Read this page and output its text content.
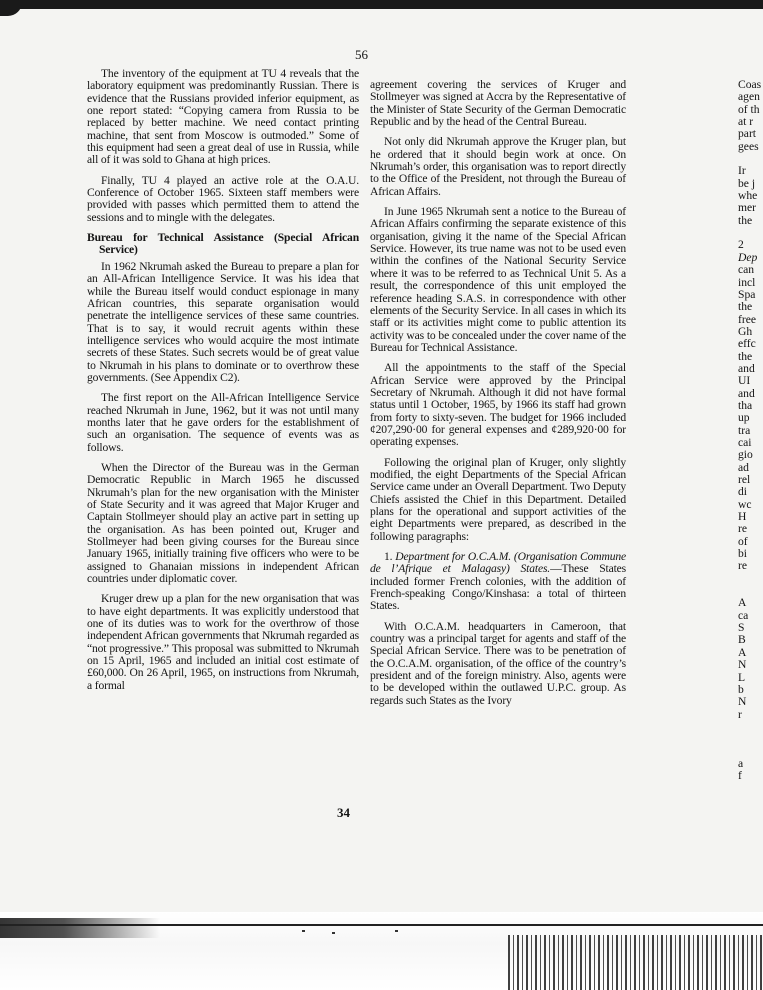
56

The inventory of the equipment at TU 4 reveals that the laboratory equipment was predominantly Russian. There is evidence that the Russians provided inferior equipment, as one report stated: “Copying camera from Russia to be replaced by better machine. We need contact printing machine, that sent from Moscow is outmoded.” Some of this equipment had seen a great deal of use in Russia, while all of it was sold to Ghana at high prices.

Finally, TU 4 played an active role at the O.A.U. Conference of October 1965. Sixteen staff members were provided with passes which permitted them to attend the sessions and to mingle with the delegates.

Bureau for Technical Assistance (Special African Service)

In 1962 Nkrumah asked the Bureau to prepare a plan for an All-African Intelligence Service. It was his idea that while the Bureau itself would conduct espionage in many African countries, this separate organisation would penetrate the intelligence services of these same countries. That is to say, it would recruit agents within these intelligence services who would acquire the most intimate secrets of these States. Such secrets would be of great value to Nkrumah in his plans to dominate or to overthrow these governments. (See Appendix C2).

The first report on the All-African Intelligence Service reached Nkrumah in June, 1962, but it was not until many months later that he gave orders for the establishment of such an organisation. The sequence of events was as follows.

When the Director of the Bureau was in the German Democratic Republic in March 1965 he discussed Nkrumah’s plan for the new organisation with the Minister of State Security and it was agreed that Major Kruger and Captain Stollmeyer should play an active part in setting up the organisation. As has been pointed out, Kruger and Stollmeyer had been giving courses for the Bureau since January 1965, initially training five officers who were to be assigned to Ghanaian missions in independent African countries under diplomatic cover.

Kruger drew up a plan for the new organisation that was to have eight departments. It was explicitly understood that one of its duties was to work for the overthrow of those independent African governments that Nkrumah regarded as “not progressive.” This proposal was submitted to Nkrumah on 15 April, 1965 and included an initial cost estimate of £60,000. On 26 April, 1965, on instructions from Nkrumah, a formal

agreement covering the services of Kruger and Stollmeyer was signed at Accra by the Representative of the Minister of State Security of the German Democratic Republic and by the head of the Central Bureau.

Not only did Nkrumah approve the Kruger plan, but he ordered that it should begin work at once. On Nkrumah’s order, this organisation was to report directly to the Office of the President, not through the Bureau of African Affairs.

In June 1965 Nkrumah sent a notice to the Bureau of African Affairs confirming the separate existence of this organisation, giving it the name of the Special African Service. However, its true name was not to be used even within the confines of the National Security Service where it was to be referred to as Technical Unit 5. As a result, the correspondence of this unit employed the reference heading S.A.S. in correspondence with other elements of the Security Service. In all cases in which its staff or its activities might come to public attention its activity was to be concealed under the cover name of the Bureau for Technical Assistance.

All the appointments to the staff of the Special African Service were approved by the Principal Secretary of Nkrumah. Although it did not have formal status until 1 October, 1965, by 1966 its staff had grown from forty to sixty-seven. The budget for 1966 included ¢207,290·00 for general expenses and ¢289,920·00 for operating expenses.

Following the original plan of Kruger, only slightly modified, the eight Departments of the Special African Service came under an Overall Department. Two Deputy Chiefs assisted the Chief in this Department. Detailed plans for the operational and support activities of the eight Departments were prepared, as described in the following paragraphs:

1. Department for O.C.A.M. (Organisation Commune de l’Afrique et Malagasy) States.—These States included former French colonies, with the addition of French-speaking Congo/Kinshasa: a total of thirteen States.

With O.C.A.M. headquarters in Cameroon, that country was a principal target for agents and staff of the Special African Service. There was to be penetration of the O.C.A.M. organisation, of the office of the country’s president and of the foreign ministry. Also, agents were to be developed within the outlawed U.P.C. group. As regards such States as the Ivory

Coas
agen
of th
at r
part
gees
Ir
be j
whe
mer
the
2
Dep
can
incl
Spa
the
free
Gh
effc
the
and
UI
and
tha
up
tra
cai
gio
ad
rel
di
wc
H
re
of
bi
re
A
ca
S
B
A
N
L
b
N
r
a
f
34
